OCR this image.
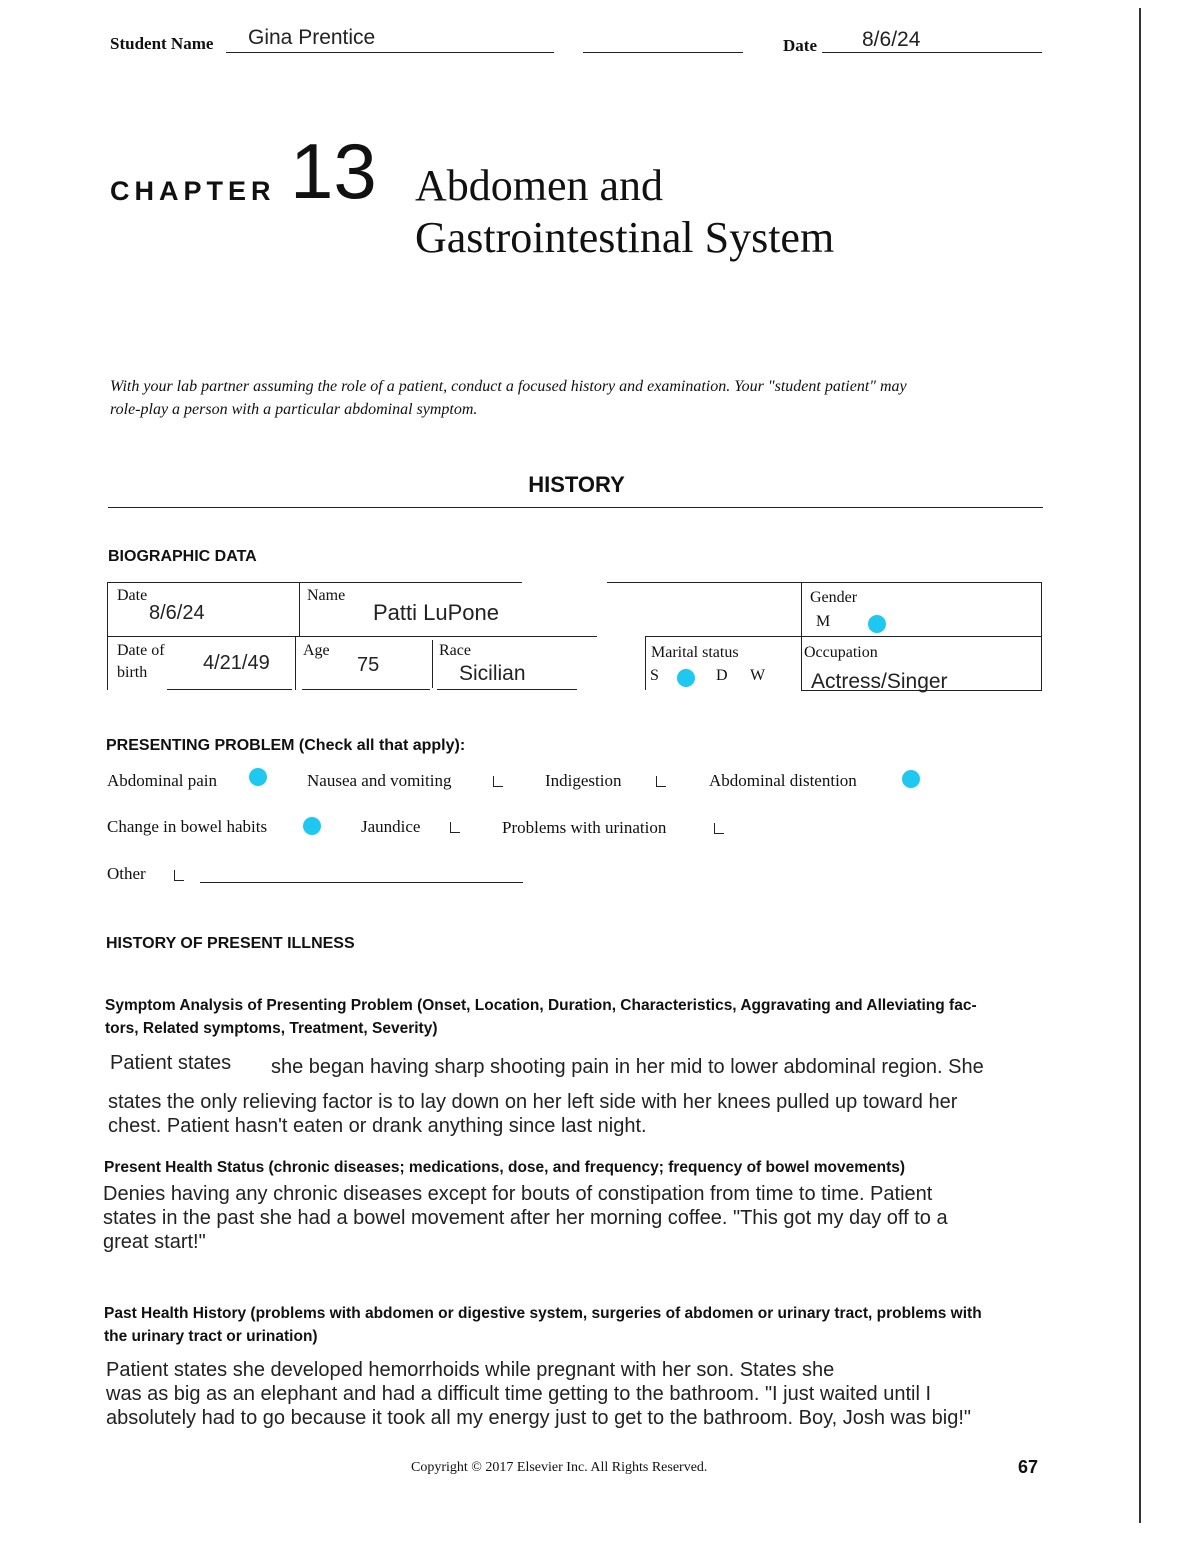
Student Name Gina Prentice	Date 8/6/24
CHAPTER 13 Abdomen and
Gastrointestinal System
With your lab partner assuming the role of a patient, conduct a focused history and examination. Your "student patient" may
role-play a person with a particular abdominal symptom.
HISTORY
BIOGRAPHIC DATA
Date
8/6/24
Name
Patti LuPone
Gender
M
Date of
birth	4/21/49
Age
75
Race
Sicilian
Marital status
S	D W
Occupation
Actress/Singer
PRESENTING PROBLEM (Check all that apply):
Abdominal pain	Nausea and vomiting	Indigestion	Abdominal distention
Change in bowel habits	Jaundice	Problems with urination
Other
HISTORY OF PRESENT ILLNESS
Symptom Analysis of Presenting Problem (Onset, Location, Duration, Characteristics, Aggravating and Alleviating fac-
tors, Related symptoms, Treatment, Severity)
Patient states she began having sharp shooting pain in her mid to lower abdominal region. She
states the only relieving factor is to lay down on her left side with her knees pulled up toward her
chest. Patient hasn't eaten or drank anything since last night.
Present Health Status (chronic diseases; medications, dose, and frequency; frequency of bowel movements)
Denies having any chronic diseases except for bouts of constipation from time to time. Patient
states in the past she had a bowel movement after her morning coffee. "This got my day off to a
great start!"
Past Health History (problems with abdomen or digestive system, surgeries of abdomen or urinary tract, problems with
the urinary tract or urination)
Patient states she developed hemorrhoids while pregnant with her son. States she
was as big as an elephant and had a difficult time getting to the bathroom. "I just waited until I
absolutely had to go because it took all my energy just to get to the bathroom. Boy, Josh was big!"
Copyright © 2017 Elsevier Inc. All Rights Reserved.	67
